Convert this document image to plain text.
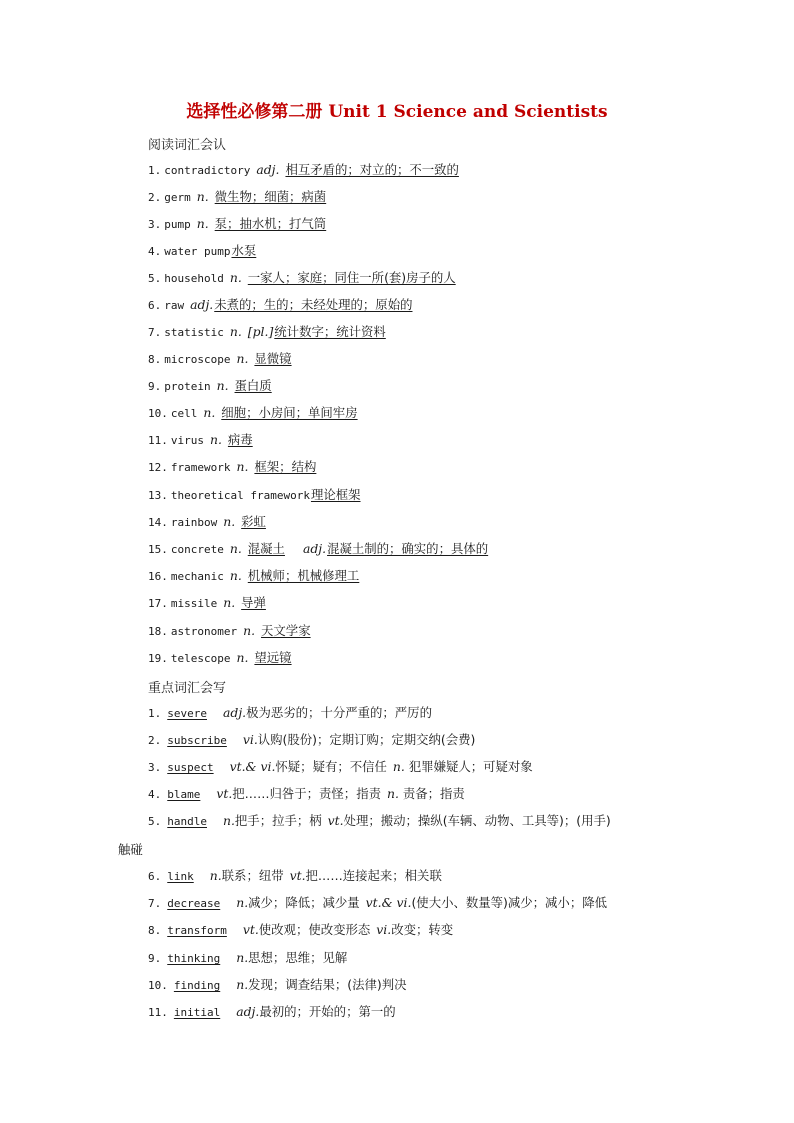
选择性必修第二册 Unit 1 Science and Scientists
阅读词汇会认
1. contradictory adj. 相互矛盾的；对立的；不一致的
2. germ n. 微生物；细菌；病菌
3. pump n. 泵；抽水机；打气筒
4. water pump水泵
5. household n. 一家人；家庭；同住一所(套)房子的人
6. raw adj.未煮的；生的；未经处理的；原始的
7. statistic n. [pl.]统计数字；统计资料
8. microscope n. 显微镜
9. protein n. 蛋白质
10. cell n. 细胞；小房间；单间牢房
11. virus n. 病毒
12. framework n. 框架；结构
13. theoretical framework理论框架
14. rainbow n. 彩虹
15. concrete n. 混凝土 adj.混凝土制的；确实的；具体的
16. mechanic n. 机械师；机械修理工
17. missile n. 导弹
18. astronomer n. 天文学家
19. telescope n. 望远镜
重点词汇会写
1. severe adj.极为恶劣的；十分严重的；严厉的
2. subscribe vi.认购(股份)；定期订购；定期交纳(会费)
3. suspect vt.& vi.怀疑；疑有；不信任 n. 犯罪嫌疑人；可疑对象
4. blame vt.把……归咎于；责怪；指责 n. 责备；指责
5. handle n.把手；拉手；柄 vt.处理；搬动；操纵(车辆、动物、工具等)；(用手)
触碰
6. link n.联系；纽带 vt.把……连接起来；相关联
7. decrease n.减少；降低；减少量 vt.& vi.(使大小、数量等)减少；减小；降低
8. transform vt.使改观；使改变形态 vi.改变；转变
9. thinking n.思想；思维；见解
10. finding n.发现；调查结果；(法律)判决
11. initial adj.最初的；开始的；第一的
